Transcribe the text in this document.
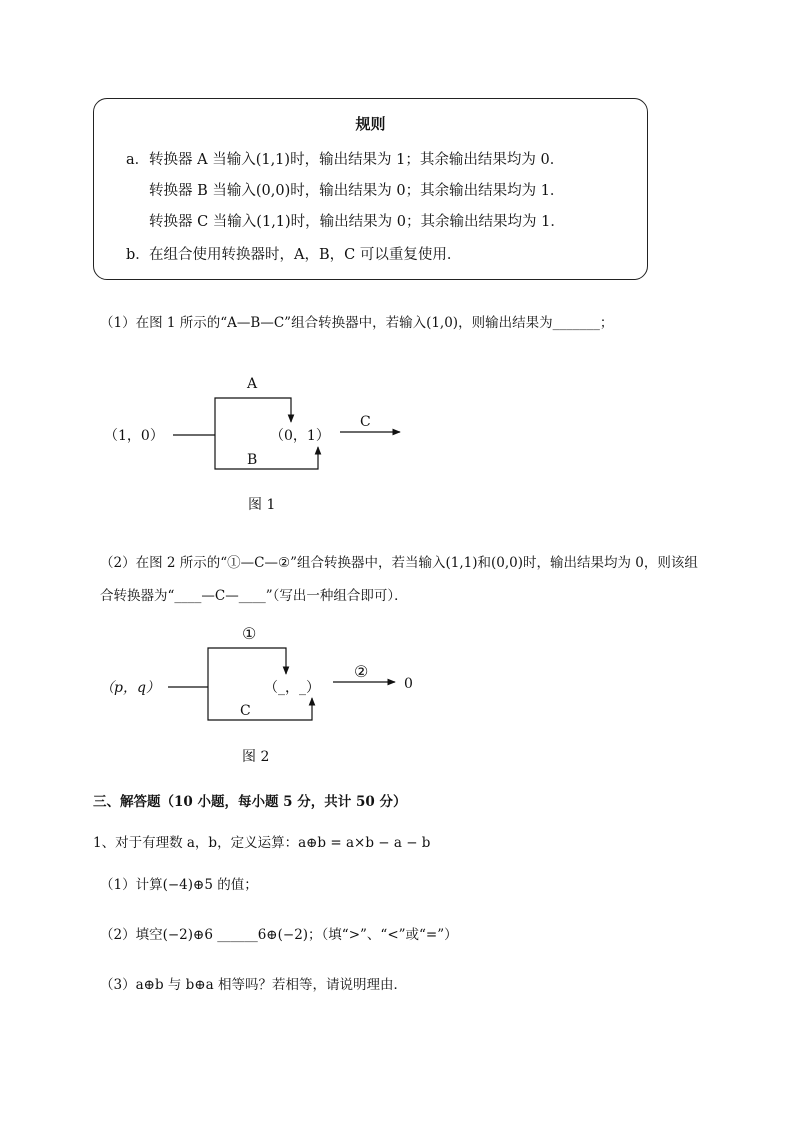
规则
a． 转换器 A 当输入(1,1)时，输出结果为 1；其余输出结果均为 0．
转换器 B 当输入(0,0)时，输出结果为 0；其余输出结果均为 1．
转换器 C 当输入(1,1)时，输出结果为 0；其余输出结果均为 1．
b． 在组合使用转换器时，A，B，C 可以重复使用．
（1）在图 1 所示的“A—B—C”组合转换器中，若输入(1,0)，则输出结果为_______；
（1，0）
A
B
（0，1）
C
图 1
（p，q）
①
C
（_，_）
②
0
图 2
（2）在图 2 所示的“①—C—②”组合转换器中，若当输入(1,1)和(0,0)时，输出结果均为 0，则该组
合转换器为“____—C—____”（写出一种组合即可）．
三、解答题（10 小题，每小题 5 分，共计 50 分）
1、对于有理数 a，b，定义运算：a⊕b = a×b − a − b
（1）计算(−4)⊕5 的值；
（2）填空(−2)⊕6 ______6⊕(−2)；（填“>”、“<”或“=”）
（3）a⊕b 与 b⊕a 相等吗？若相等，请说明理由．
